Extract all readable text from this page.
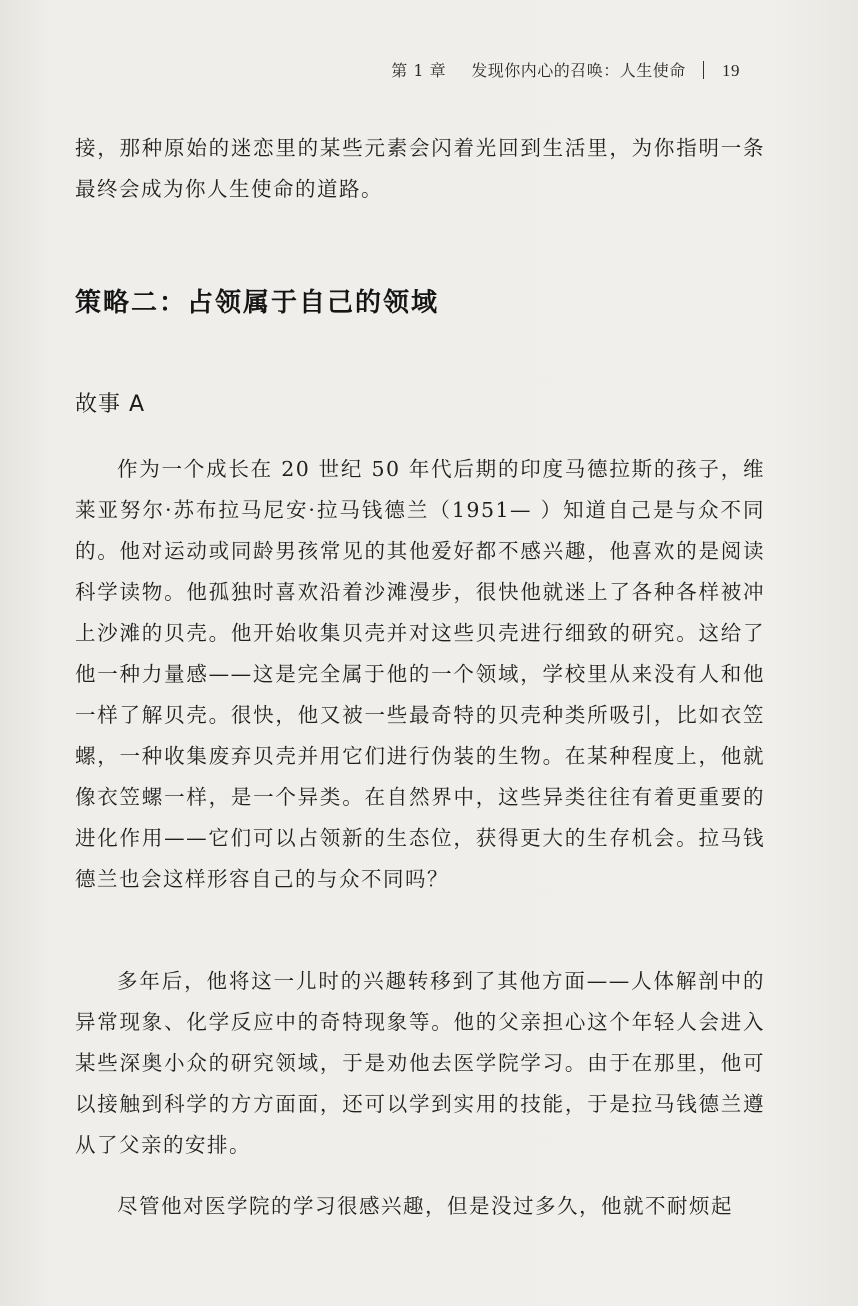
第 1 章 发现你内心的召唤：人生使命 19

接，那种原始的迷恋里的某些元素会闪着光回到生活里，为你指明一条最终会成为你人生使命的道路。

策略二：占领属于自己的领域
故事 A

作为一个成长在 20 世纪 50 年代后期的印度马德拉斯的孩子，维莱亚努尔·苏布拉马尼安·拉马钱德兰（1951— ）知道自己是与众不同的。他对运动或同龄男孩常见的其他爱好都不感兴趣，他喜欢的是阅读科学读物。他孤独时喜欢沿着沙滩漫步，很快他就迷上了各种各样被冲上沙滩的贝壳。他开始收集贝壳并对这些贝壳进行细致的研究。这给了他一种力量感——这是完全属于他的一个领域，学校里从来没有人和他一样了解贝壳。很快，他又被一些最奇特的贝壳种类所吸引，比如衣笠螺，一种收集废弃贝壳并用它们进行伪装的生物。在某种程度上，他就像衣笠螺一样，是一个异类。在自然界中，这些异类往往有着更重要的进化作用——它们可以占领新的生态位，获得更大的生存机会。拉马钱德兰也会这样形容自己的与众不同吗？

多年后，他将这一儿时的兴趣转移到了其他方面——人体解剖中的异常现象、化学反应中的奇特现象等。他的父亲担心这个年轻人会进入某些深奥小众的研究领域，于是劝他去医学院学习。由于在那里，他可以接触到科学的方方面面，还可以学到实用的技能，于是拉马钱德兰遵从了父亲的安排。

尽管他对医学院的学习很感兴趣，但是没过多久，他就不耐烦起
